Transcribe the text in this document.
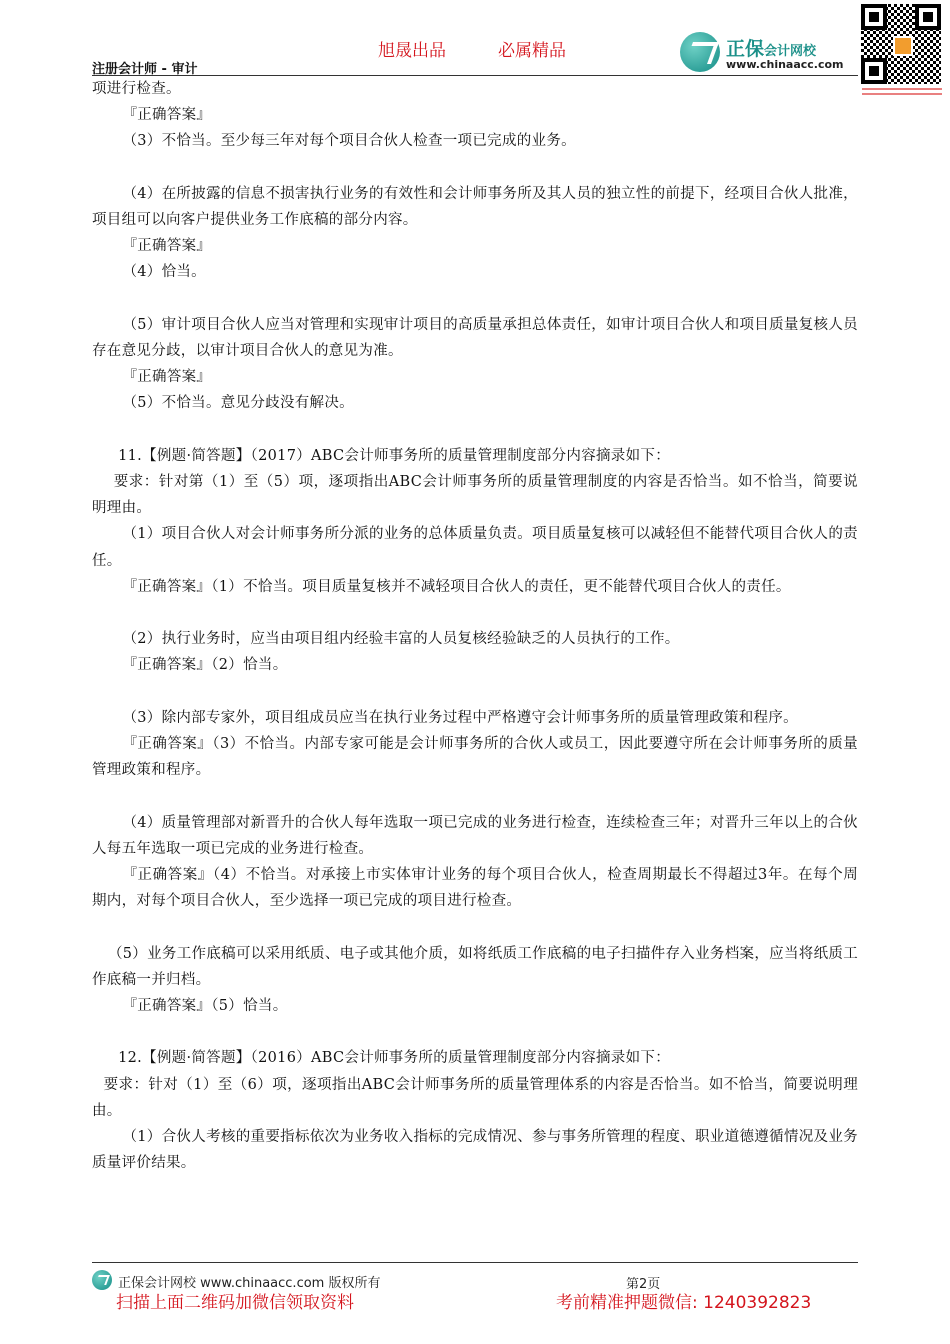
注册会计师 - 审计
旭晟出品	必属精品	正保会计网校
www.chinaacc.com

项进行检查。

『正确答案』

（3）不恰当。至少每三年对每个项目合伙人检查一项已完成的业务。

（4）在所披露的信息不损害执行业务的有效性和会计师事务所及其人员的独立性的前提下，经项目合伙人批准，项目组可以向客户提供业务工作底稿的部分内容。

『正确答案』

（4）恰当。

（5）审计项目合伙人应当对管理和实现审计项目的高质量承担总体责任，如审计项目合伙人和项目质量复核人员存在意见分歧，以审计项目合伙人的意见为准。

『正确答案』

（5）不恰当。意见分歧没有解决。

11.【例题·简答题】（2017）ABC会计师事务所的质量管理制度部分内容摘录如下：

要求：针对第（1）至（5）项，逐项指出ABC会计师事务所的质量管理制度的内容是否恰当。如不恰当，简要说明理由。

（1）项目合伙人对会计师事务所分派的业务的总体质量负责。项目质量复核可以减轻但不能替代项目合伙人的责任。

『正确答案』（1）不恰当。项目质量复核并不减轻项目合伙人的责任，更不能替代项目合伙人的责任。

（2）执行业务时，应当由项目组内经验丰富的人员复核经验缺乏的人员执行的工作。

『正确答案』（2）恰当。

（3）除内部专家外，项目组成员应当在执行业务过程中严格遵守会计师事务所的质量管理政策和程序。

『正确答案』（3）不恰当。内部专家可能是会计师事务所的合伙人或员工，因此要遵守所在会计师事务所的质量管理政策和程序。

（4）质量管理部对新晋升的合伙人每年选取一项已完成的业务进行检查，连续检查三年；对晋升三年以上的合伙人每五年选取一项已完成的业务进行检查。

『正确答案』（4）不恰当。对承接上市实体审计业务的每个项目合伙人，检查周期最长不得超过3年。在每个周期内，对每个项目合伙人，至少选择一项已完成的项目进行检查。

（5）业务工作底稿可以采用纸质、电子或其他介质，如将纸质工作底稿的电子扫描件存入业务档案，应当将纸质工作底稿一并归档。

『正确答案』（5）恰当。

12.【例题·简答题】（2016）ABC会计师事务所的质量管理制度部分内容摘录如下：

要求：针对（1）至（6）项，逐项指出ABC会计师事务所的质量管理体系的内容是否恰当。如不恰当，简要说明理由。

（1）合伙人考核的重要指标依次为业务收入指标的完成情况、参与事务所管理的程度、职业道德遵循情况及业务质量评价结果。

正保会计网校 www.chinaacc.com 版权所有	第2页
扫描上面二维码加微信领取资料	考前精准押题微信: 1240392823
